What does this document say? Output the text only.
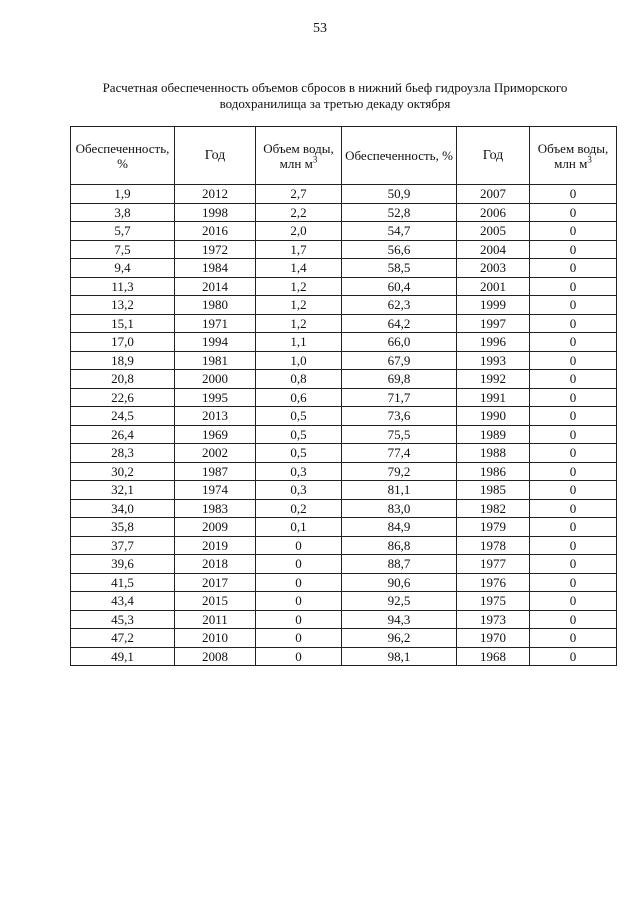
53
Расчетная обеспеченность объемов сбросов в нижний бьеф гидроузла Приморского
водохранилища за третью декаду октября
Обеспеченность, %	Год	Объем воды, млн $м^3$	Обеспеченность, %	Год	Объем воды, млн $м^3$
1,9	2012	2,7	50,9	2007	0
3,8	1998	2,2	52,8	2006	0
5,7	2016	2,0	54,7	2005	0
7,5	1972	1,7	56,6	2004	0
9,4	1984	1,4	58,5	2003	0
11,3	2014	1,2	60,4	2001	0
13,2	1980	1,2	62,3	1999	0
15,1	1971	1,2	64,2	1997	0
17,0	1994	1,1	66,0	1996	0
18,9	1981	1,0	67,9	1993	0
20,8	2000	0,8	69,8	1992	0
22,6	1995	0,6	71,7	1991	0
24,5	2013	0,5	73,6	1990	0
26,4	1969	0,5	75,5	1989	0
28,3	2002	0,5	77,4	1988	0
30,2	1987	0,3	79,2	1986	0
32,1	1974	0,3	81,1	1985	0
34,0	1983	0,2	83,0	1982	0
35,8	2009	0,1	84,9	1979	0
37,7	2019	0	86,8	1978	0
39,6	2018	0	88,7	1977	0
41,5	2017	0	90,6	1976	0
43,4	2015	0	92,5	1975	0
45,3	2011	0	94,3	1973	0
47,2	2010	0	96,2	1970	0
49,1	2008	0	98,1	1968	0
